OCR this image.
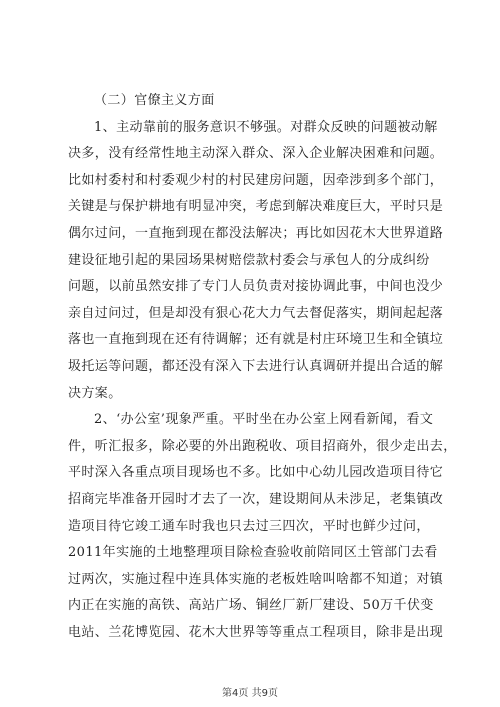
（二）官僚主义方面
1、主动靠前的服务意识不够强。对群众反映的问题被动解
决多，没有经常性地主动深入群众、深入企业解决困难和问题。
比如村委村和村委观少村的村民建房问题，因牵涉到多个部门，
关键是与保护耕地有明显冲突，考虑到解决难度巨大，平时只是
偶尔过问，一直拖到现在都没法解决；再比如因花木大世界道路
建设征地引起的果园场果树赔偿款村委会与承包人的分成纠纷
问题，以前虽然安排了专门人员负责对接协调此事，中间也没少
亲自过问过，但是却没有狠心花大力气去督促落实，期间起起落
落也一直拖到现在还有待调解；还有就是村庄环境卫生和全镇垃
圾托运等问题，都还没有深入下去进行认真调研并提出合适的解
决方案。
2、‘办公室’现象严重。平时坐在办公室上网看新闻，看文
件，听汇报多，除必要的外出跑税收、项目招商外，很少走出去，
平时深入各重点项目现场也不多。比如中心幼儿园改造项目待它
招商完毕准备开园时才去了一次，建设期间从未涉足，老集镇改
造项目待它竣工通车时我也只去过三四次，平时也鲜少过问，
2011年实施的土地整理项目除检查验收前陪同区土管部门去看
过两次，实施过程中连具体实施的老板姓啥叫啥都不知道；对镇
内正在实施的高铁、高站广场、铜丝厂新厂建设、50万千伏变
电站、兰花博览园、花木大世界等等重点工程项目，除非是出现
第4页 共9页
